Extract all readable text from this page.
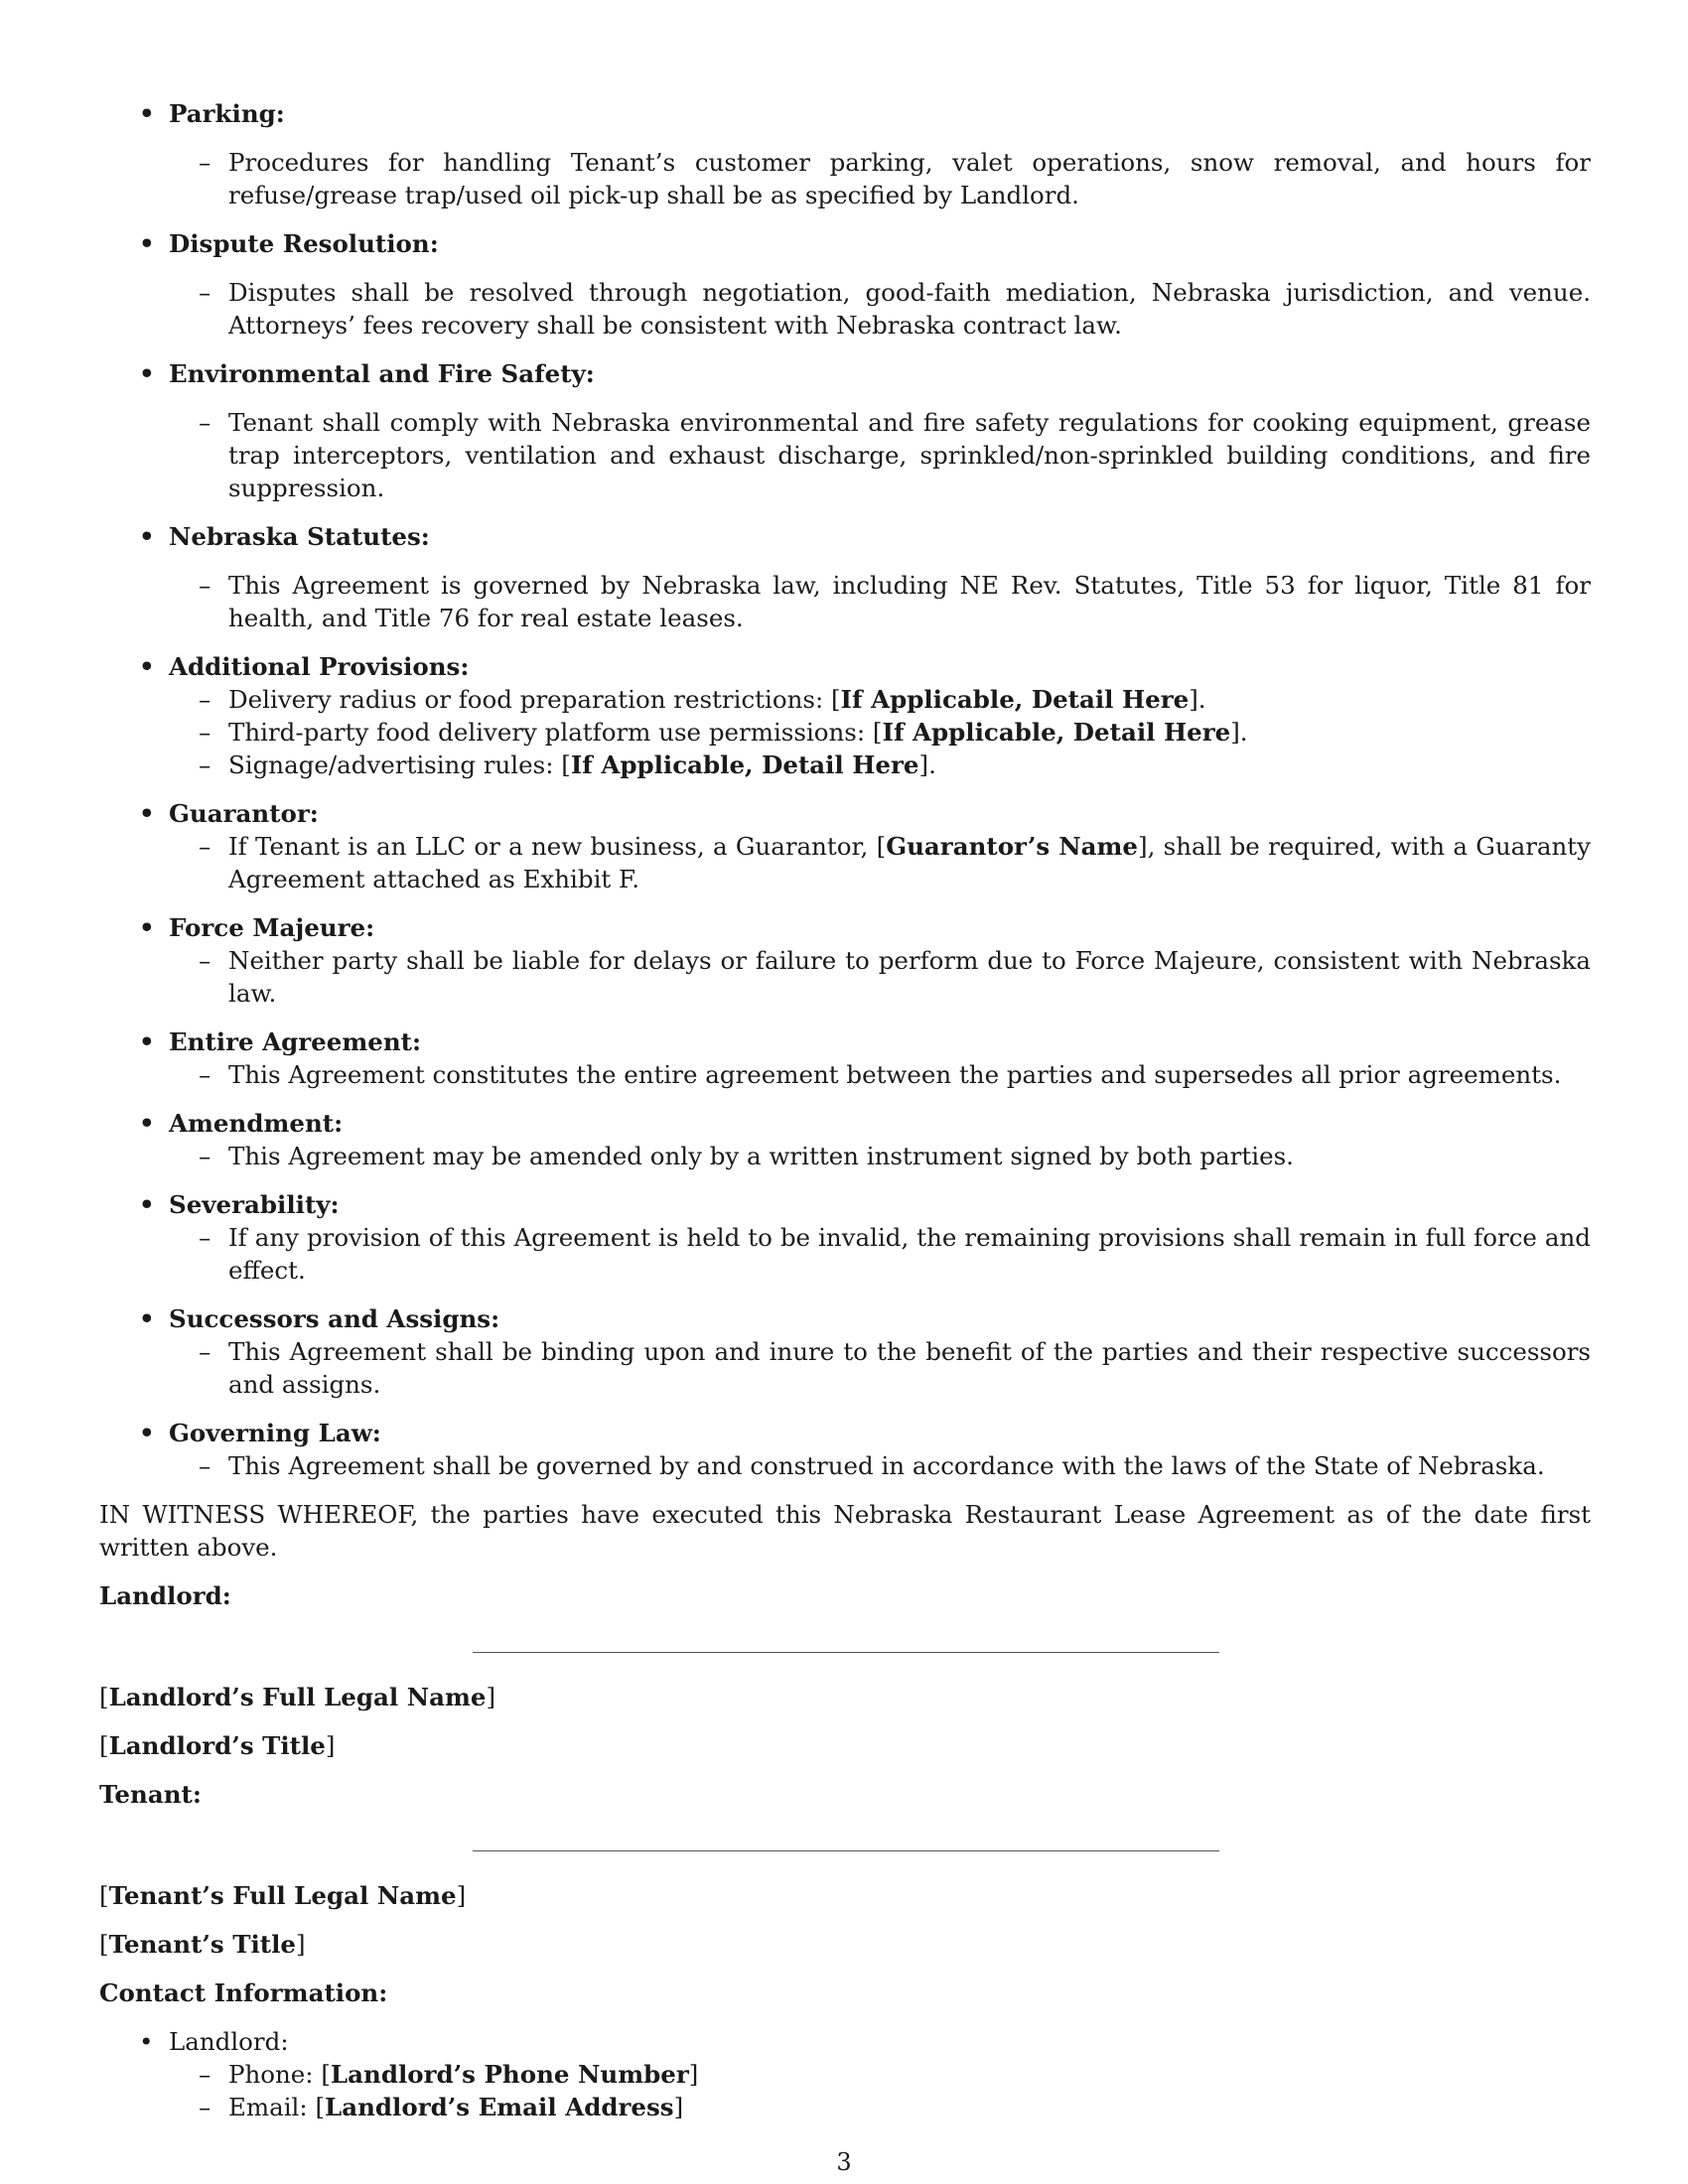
• Parking:
– Procedures for handling Tenant’s customer parking, valet operations, snow removal, and hours for refuse/grease trap/used oil pick-up shall be as specified by Landlord.
• Dispute Resolution:
– Disputes shall be resolved through negotiation, good-faith mediation, Nebraska jurisdiction, and venue. Attorneys’ fees recovery shall be consistent with Nebraska contract law.
• Environmental and Fire Safety:
– Tenant shall comply with Nebraska environmental and fire safety regulations for cooking equipment, grease trap interceptors, ventilation and exhaust discharge, sprinkled/non-sprinkled building conditions, and fire suppression.
• Nebraska Statutes:
– This Agreement is governed by Nebraska law, including NE Rev. Statutes, Title 53 for liquor, Title 81 for health, and Title 76 for real estate leases.
• Additional Provisions:
– Delivery radius or food preparation restrictions: [If Applicable, Detail Here].
– Third-party food delivery platform use permissions: [If Applicable, Detail Here].
– Signage/advertising rules: [If Applicable, Detail Here].
• Guarantor:
– If Tenant is an LLC or a new business, a Guarantor, [Guarantor’s Name], shall be required, with a Guaranty Agreement attached as Exhibit F.
• Force Majeure:
– Neither party shall be liable for delays or failure to perform due to Force Majeure, consistent with Nebraska law.
• Entire Agreement:
– This Agreement constitutes the entire agreement between the parties and supersedes all prior agreements.
• Amendment:
– This Agreement may be amended only by a written instrument signed by both parties.
• Severability:
– If any provision of this Agreement is held to be invalid, the remaining provisions shall remain in full force and effect.
• Successors and Assigns:
– This Agreement shall be binding upon and inure to the benefit of the parties and their respective successors and assigns.
• Governing Law:
– This Agreement shall be governed by and construed in accordance with the laws of the State of Nebraska.
IN WITNESS WHEREOF, the parties have executed this Nebraska Restaurant Lease Agreement as of the date first written above.
Landlord:
[Landlord’s Full Legal Name]
[Landlord’s Title]
Tenant:
[Tenant’s Full Legal Name]
[Tenant’s Title]
Contact Information:
• Landlord:
– Phone: [Landlord’s Phone Number]
– Email: [Landlord’s Email Address]
3
